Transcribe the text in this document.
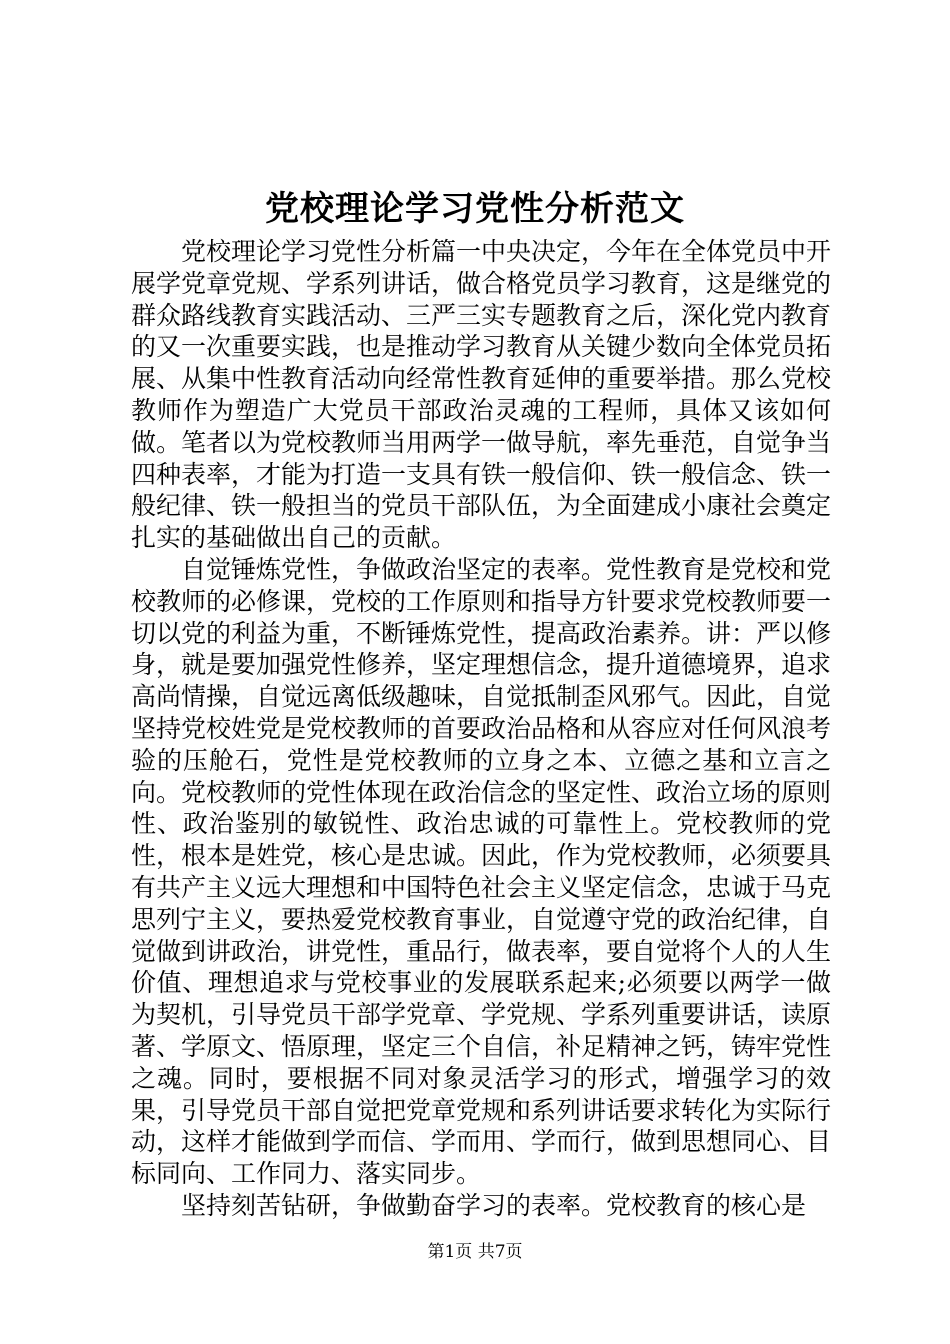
党校理论学习党性分析范文

党校理论学习党性分析篇一中央决定，今年在全体党员中开展学党章党规、学系列讲话，做合格党员学习教育，这是继党的群众路线教育实践活动、三严三实专题教育之后，深化党内教育的又一次重要实践，也是推动学习教育从关键少数向全体党员拓展、从集中性教育活动向经常性教育延伸的重要举措。那么党校教师作为塑造广大党员干部政治灵魂的工程师，具体又该如何做。笔者以为党校教师当用两学一做导航，率先垂范，自觉争当四种表率，才能为打造一支具有铁一般信仰、铁一般信念、铁一般纪律、铁一般担当的党员干部队伍，为全面建成小康社会奠定扎实的基础做出自己的贡献。

自觉锤炼党性，争做政治坚定的表率。党性教育是党校和党校教师的必修课，党校的工作原则和指导方针要求党校教师要一切以党的利益为重，不断锤炼党性，提高政治素养。讲：严以修身，就是要加强党性修养，坚定理想信念，提升道德境界，追求高尚情操，自觉远离低级趣味，自觉抵制歪风邪气。因此，自觉坚持党校姓党是党校教师的首要政治品格和从容应对任何风浪考验的压舱石，党性是党校教师的立身之本、立德之基和立言之向。党校教师的党性体现在政治信念的坚定性、政治立场的原则性、政治鉴别的敏锐性、政治忠诚的可靠性上。党校教师的党性，根本是姓党，核心是忠诚。因此，作为党校教师，必须要具有共产主义远大理想和中国特色社会主义坚定信念，忠诚于马克思列宁主义，要热爱党校教育事业，自觉遵守党的政治纪律，自觉做到讲政治，讲党性，重品行，做表率，要自觉将个人的人生价值、理想追求与党校事业的发展联系起来;必须要以两学一做为契机，引导党员干部学党章、学党规、学系列重要讲话，读原著、学原文、悟原理，坚定三个自信，补足精神之钙，铸牢党性之魂。同时，要根据不同对象灵活学习的形式，增强学习的效果，引导党员干部自觉把党章党规和系列讲话要求转化为实际行动，这样才能做到学而信、学而用、学而行，做到思想同心、目标同向、工作同力、落实同步。

坚持刻苦钻研，争做勤奋学习的表率。党校教育的核心是

第1页 共7页
